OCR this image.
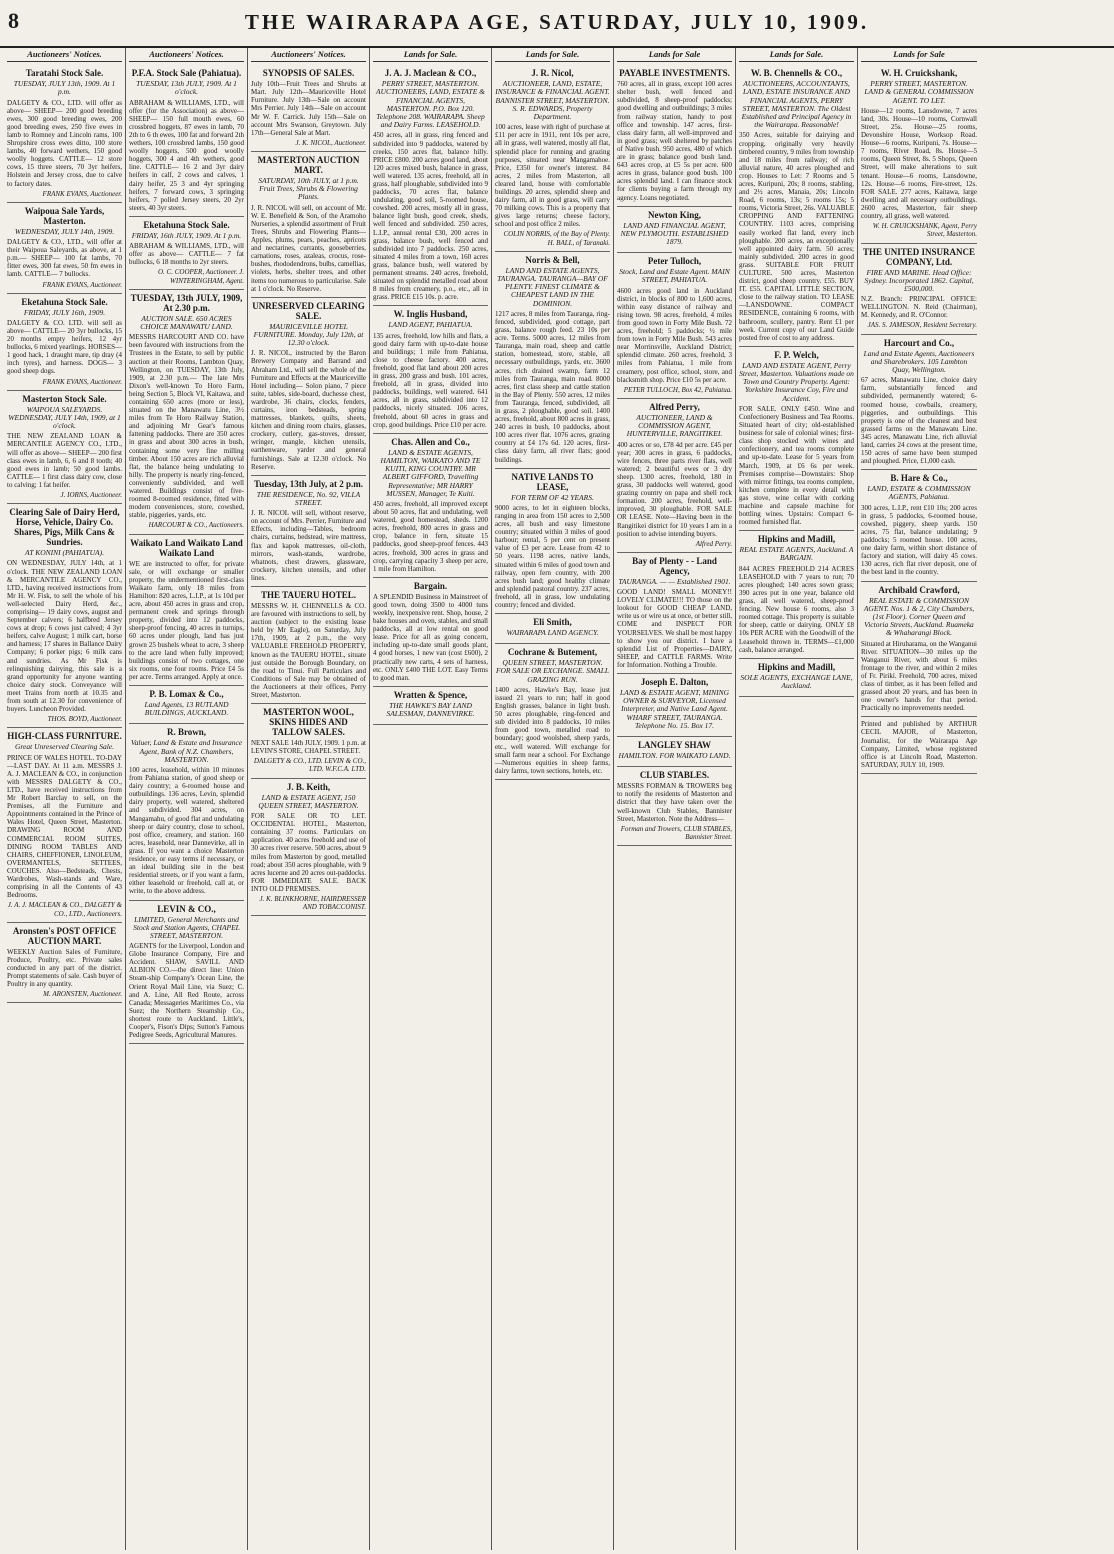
8	THE WAIRARAPA AGE, SATURDAY, JULY 10, 1909.
Auctioneers' Notices.
Taratahi Stock Sale.
TUESDAY, JULY 13th, 1909. At 1 p.m.
DALGETY & CO., LTD. will offer as above— SHEEP— 200 good breeding ewes, 300 good breeding ewes, 200 good breeding ewes, 250 five ewes in lamb to Romney and Lincoln rams, 100 Shropshire cross ewes ditto, 100 store lambs, 40 forward wethers, 150 good woolly hoggets. CATTLE— 12 store cows, 15 three steers, 70 3yr heifers, Holstein and Jersey cross, due to calve to factory dates.
FRANK EVANS, Auctioneer.
Waipoua Sale Yards, Masterton.
WEDNESDAY, JULY 14th, 1909.
DALGETY & CO., LTD., will offer at their Waipoua Saleyards, as above, at 1 p.m.— SHEEP— 100 fat lambs, 70 fitter ewes, 300 fat ewes, 50 fm ewes in lamb. CATTLE— 7 bullocks.
FRANK EVANS, Auctioneer.
Eketahuna Stock Sale.
FRIDAY, JULY 16th, 1909.
DALGETY & CO. LTD. will sell as above— CATTLE— 20 3yr bullocks, 15 20 months empty heifers, 12 4yr bullocks, 6 mixed yearlings. HORSES— 1 good hack, 1 draught mare, tip dray (4 inch tyres), and harness. DOGS— 3 good sheep dogs.
FRANK EVANS, Auctioneer.
Masterton Stock Sale.
WAIPOUA SALEYARDS. WEDNESDAY, JULY 14th, 1909, at 1 o'clock.
THE NEW ZEALAND LOAN & MERCANTILE AGENCY CO., LTD., will offer as above— SHEEP— 200 first class ewes in lamb, 6, 6 and 8 tooth; 40 good ewes in lamb; 50 good lambs. CATTLE— 1 first class dairy cow, close to calving; 1 fat heifer.
J. IORNS, Auctioneer.
Clearing Sale of Dairy Herd, Horse, Vehicle, Dairy Co. Shares, Pigs, Milk Cans & Sundries.
AT KONINI (PAHIATUA).
ON WEDNESDAY, JULY 14th, at 1 o'clock. THE NEW ZEALAND LOAN & MERCANTILE AGENCY CO., LTD., having received instructions from Mr H. W. Fisk, to sell the whole of his well-selected Dairy Herd, &c., comprising— 19 dairy cows, august and September calvers; 6 halfbred Jersey cows at drop; 6 cows just calved; 4 3yr heifers, calve August; 1 milk cart, horse and harness; 17 shares in Ballance Dairy Company; 6 porker pigs; 6 milk cans and sundries. As Mr Fisk is relinquishing dairying, this sale is a grand opportunity for anyone wanting choice dairy stock. Conveyance will meet Trains from north at 10.35 and from south at 12.30 for convenience of buyers. Luncheon Provided.
THOS. BOYD, Auctioneer.
HIGH-CLASS FURNITURE.
Great Unreserved Clearing Sale.
PRINCE OF WALES HOTEL. TO-DAY—LAST DAY. At 11 a.m. MESSRS J. A. J. MACLEAN & CO., in conjunction with MESSRS DALGETY & CO., LTD., have received instructions from Mr Robert Barclay to sell, on the Premises, all the Furniture and Appointments contained in the Prince of Wales Hotel, Queen Street, Masterton. DRAWING ROOM AND COMMERCIAL ROOM SUITES, DINING ROOM TABLES AND CHAIRS, CHEFFIONER, LINOLEUM, OVERMANTELS, SETTEES, COUCHES. Also—Bedsteads, Chests, Wardrobes, Wash-stands and Ware, comprising in all the Contents of 43 Bedrooms.
J. A. J. MACLEAN & CO., DALGETY & CO., LTD., Auctioneers.
Aronsten's POST OFFICE AUCTION MART.
WEEKLY Auction Sales of Furniture, Produce, Poultry, etc. Private sales conducted in any part of the district. Prompt statements of sale. Cash buyer of Poultry in any quantity.
M. ARONSTEN, Auctioneer.
Auctioneers' Notices.
P.F.A. Stock Sale (Pahiatua).
TUESDAY, 13th JULY, 1909. At 1 o'clock.
ABRAHAM & WILLIAMS, LTD., will offer (for the Association) as above— SHEEP— 150 full mouth ewes, 60 crossbred hoggets, 87 ewes in lamb, 70 2th to 6 th ewes, 100 fat and forward 2th wethers, 100 crossbred lambs, 150 good woolly hoggets, 500 good woolly hoggets, 300 4 and 4th wethers, good line. CATTLE— 16 2 and 3yr dairy heifers in calf, 2 cows and calves, 1 dairy heifer, 25 3 and 4yr springing heifers, 7 forward cows, 3 springing heifers, 7 polled Jersey steers, 20 2yr steers, 40 3yr steers.
Eketahuna Stock Sale.
FRIDAY, 16th JULY, 1909. At 1 p.m.
ABRAHAM & WILLIAMS, LTD., will offer as above— CATTLE— 7 fat bullocks, 6 18 months to 2yr steers.
O. C. COOPER, Auctioneer. J. WINTERINGHAM, Agent.
TUESDAY, 13th JULY, 1909, At 2.30 p.m.
AUCTION SALE. 650 ACRES CHOICE MANAWATU LAND.
MESSRS HARCOURT AND CO. have been favoured with instructions from the Trustees in the Estate, to sell by public auction at their Rooms, Lambton Quay, Wellington, on TUESDAY, 13th July, 1909, at 2.30 p.m.— The late Mrs Dixon's well-known To Horo Farm, being Section 5, Block VI, Kaitawa, and containing 650 acres (more or less), situated on the Manawatu Line, 3½ miles from Te Horo Railway Station, and adjoining Mr Gear's famous fattening paddocks. There are 350 acres in grass and about 300 acres in bush, containing some very fine milling timber. About 150 acres are rich alluvial flat, the balance being undulating to hilly. The property is nearly ring-fenced, conveniently subdivided, and well watered. Buildings consist of five-roomed 8-roomed residence, fitted with modern conveniences, store, cowshed, stable, piggeries, yards, etc.
HARCOURT & CO., Auctioneers.
Waikato Land Waikato Land Waikato Land
WE are instructed to offer, for private sale, or will exchange or smaller property, the undermentioned first-class Waikato farm, only 18 miles from Hamilton: 820 acres, L.I.P., at 1s 10d per acre, about 450 acres in grass and crop, permanent creek and springs through property, divided into 12 paddocks, sheep-proof fencing, 40 acres in turnips, 60 acres under plough, land has just grown 25 bushels wheat to acre, 3 sheep to the acre land when fully improved; buildings consist of two cottages, one six rooms, one four rooms. Price £4 5s per acre. Terms arranged. Apply at once.
P. B. Lomax & Co.,
Land Agents, 13 RUTLAND BUILDINGS, AUCKLAND.
R. Brown,
Valuer, Land & Estate and Insurance Agent, Bank of N.Z. Chambers, MASTERTON.
100 acres, leasehold, within 10 minutes from Pahiatua station, of good sheep or dairy country; a 6-roomed house and outbuildings. 136 acres, Levin, splendid dairy property, well watered, sheltered and subdivided. 304 acres, on Mangamahu, of good flat and undulating sheep or dairy country, close to school, post office, creamery, and station. 160 acres, leasehold, near Dannevirke, all in grass. If you want a choice Masterton residence, or easy terms if necessary, or an ideal building site in the best residential streets, or if you want a farm, either leasehold or freehold, call at, or write, to the above address.
LEVIN & CO.,
LIMITED, General Merchants and Stock and Station Agents, CHAPEL STREET, MASTERTON.
AGENTS for the Liverpool, London and Globe Insurance Company, Fire and Accident. SHAW, SAVILL AND ALBION CO.—the direct line: Union Steam-ship Company's Ocean Line, the Orient Royal Mail Line, via Suez; C. and A. Line, All Red Route, across Canada; Messageries Maritimes Co., via Suez; the Northern Steamship Co., shortest route to Auckland. Little's, Cooper's, Fison's Dips; Sutton's Famous Pedigree Seeds, Agricultural Manures.
Auctioneers' Notices.
SYNOPSIS OF SALES.
July 10th—Fruit Trees and Shrubs at Mart. July 12th—Mauriceville Hotel Furniture. July 13th—Sale on account Mrs Perrier. July 14th—Sale on account Mr W. F. Carrick. July 15th—Sale on account Mrs Swanson, Greytown. July 17th—General Sale at Mart.
J. K. NICOL, Auctioneer.
MASTERTON AUCTION MART.
SATURDAY, 10th JULY, at 1 p.m. Fruit Trees, Shrubs & Flowering Plants.
J. R. NICOL will sell, on account of Mr. W. E. Benefield & Son, of the Aramoho Nurseries, a splendid assortment of Fruit Trees, Shrubs and Flowering Plants—Apples, plums, pears, peaches, apricots and nectarines, currants, gooseberries, carnations, roses, azaleas, crocus, rose-bushes, rhododendrons, bulbs, camellias, violets, herbs, shelter trees, and other items too numerous to particularise. Sale at 1 o'clock. No Reserve.
UNRESERVED CLEARING SALE.
MAURICEVILLE HOTEL FURNITURE. Monday, July 12th, at 12.30 o'clock.
J. R. NICOL, instructed by the Baron Brewery Company and Barrand and Abraham Ltd., will sell the whole of the Furniture and Effects at the Mauriceville Hotel including— Solon piano, 7 piece suite, tables, side-board, duchesse chest, wardrobe, 36 chairs, clocks, fenders, curtains, iron bedsteads, spring mattresses, blankets, quilts, sheets, kitchen and dining room chairs, glasses, crockery, cutlery, gas-stoves, dresser, wringer, mangle, kitchen utensils, earthenware, yarder and general furnishings. Sale at 12.30 o'clock. No Reserve.
Tuesday, 13th July, at 2 p.m.
THE RESIDENCE, No. 92, VILLA STREET.
J. R. NICOL will sell, without reserve, on account of Mrs. Perrier, Furniture and Effects, including—Tables, bedroom chairs, curtains, bedstead, wire mattress, flax and kapok mattresses, oil-cloth, mirrors, wash-stands, wardrobe, whatnots, chest drawers, glassware, crockery, kitchen utensils, and other lines.
THE TAUERU HOTEL.
MESSRS W. H. CHENNELLS & CO. are favoured with instructions to sell, by auction (subject to the existing lease held by Mr Eagle), on Saturday, July 17th, 1909, at 2 p.m., the very VALUABLE FREEHOLD PROPERTY, known as the TAUERU HOTEL, situate just outside the Borough Boundary, on the road to Tinui. Full Particulars and Conditions of Sale may be obtained of the Auctioneers at their offices, Perry Street, Masterton.
MASTERTON WOOL, SKINS HIDES AND TALLOW SALES.
NEXT SALE 14th JULY, 1909. 1 p.m. at LEVIN'S STORE, CHAPEL STREET.
DALGETY & CO., LTD. LEVIN & CO., LTD. W.F.C.A. LTD.
J. B. Keith,
LAND & ESTATE AGENT, 150 QUEEN STREET, MASTERTON.
FOR SALE OR TO LET. OCCIDENTAL HOTEL, Masterton, containing 37 rooms. Particulars on application. 40 acres freehold and use of 30 acres river reserve. 500 acres, about 9 miles from Masterton by good, metalled road; about 350 acres ploughable, with 9 acres lucerne and 20 acres out-paddocks. FOR IMMEDIATE SALE. BACK INTO OLD PREMISES.
J. K. BLINKHORNE, HAIRDRESSER AND TOBACCONIST.
Lands for Sale.
J. A. J. Maclean & CO.,
PERRY STREET, MASTERTON. AUCTIONEERS, LAND, ESTATE & FINANCIAL AGENTS, MASTERTON. P.O. Box 120. Telephone 208. WAIRARAPA. Sheep and Dairy Farms. LEASEHOLD.
450 acres, all in grass, ring fenced and subdivided into 9 paddocks, watered by creeks, 150 acres flat, balance hilly. PRICE £800. 200 acres good land, about 120 acres mixed bush, balance in grass, well watered. 135 acres, freehold, all in grass, half ploughable, subdivided into 9 paddocks, 70 acres flat, balance undulating, good soil, 5-roomed house, cowshed. 200 acres, mostly all in grass, balance light bush, good creek, sheds, well fenced and subdivided. 250 acres, L.I.P., annual rental £30, 200 acres in grass, balance bush, well fenced and subdivided into 7 paddocks. 250 acres, situated 4 miles from a town, 160 acres grass, balance bush, well watered by permanent streams. 240 acres, freehold, situated on splendid metalled road about 8 miles from creamery, p.o., etc., all in grass. PRICE £15 10s. p. acre.
W. Inglis Husband,
LAND AGENT, PAHIATUA.
135 acres, freehold, low hills and flats, a good dairy farm with up-to-date house and buildings; 1 mile from Pahiatua, close to cheese factory. 400 acres, freehold, good flat land about 200 acres in grass, 200 grass and bush. 101 acres, freehold, all in grass, divided into paddocks, buildings, well watered. 641 acres, all in grass, subdivided into 12 paddocks, nicely situated. 106 acres, freehold, about 60 acres in grass and crop, good buildings. Price £10 per acre.
Chas. Allen and Co.,
LAND & ESTATE AGENTS, HAMILTON, WAIKATO AND TE KUITI, KING COUNTRY. MR ALBERT GIFFORD, Travelling Representative; MR HARRY MUSSEN, Manager, Te Kuiti.
450 acres, freehold, all improved except about 50 acres, flat and undulating, well watered, good homestead, sheds. 1200 acres, freehold, 800 acres in grass and crop, balance in fern, situate 15 paddocks, good sheep-proof fences. 443 acres, freehold, 300 acres in grass and crop, carrying capacity 3 sheep per acre, 1 mile from Hamilton.
Bargain.
A SPLENDID Business in Mainstreet of good town, doing 3500 to 4000 tuns weekly, inexpensive rent. Shop, house, 2 bake houses and oven, stables, and small paddocks, all at low rental on good lease. Price for all as going concern, including up-to-date small goods plant, 4 good horses, 1 new van (cost £600), 2 practically new carts, 4 sets of harness, etc. ONLY £400 THE LOT. Easy Terms to good man.
Wratten & Spence,
THE HAWKE'S BAY LAND SALESMAN, DANNEVIRKE.
Lands for Sale.
J. R. Nicol,
AUCTIONEER, LAND, ESTATE, INSURANCE & FINANCIAL AGENT. BANNISTER STREET, MASTERTON. S. R. EDWARDS, Property Department.
100 acres, lease with right of purchase at £11 per acre in 1911, rent 10s per acre, all in grass, well watered, mostly all flat, splendid place for running and grazing purposes, situated near Mangamahoe. Price, £350 for owner's interest. 84 acres, 2 miles from Masterton, all cleared land, house with comfortable buildings. 20 acres, splendid sheep and dairy farm, all in good grass, will carry 70 milking cows. This is a property that gives large returns; cheese factory, school and post office 2 miles.
COLIN NORRIS, of the Bay of Plenty. H. BALL, of Taranaki.
Norris & Bell,
LAND AND ESTATE AGENTS, TAURANGA. TAURANGA—BAY OF PLENTY. FINEST CLIMATE & CHEAPEST LAND IN THE DOMINION.
1217 acres, 8 miles from Tauranga, ring-fenced, subdivided, good cottage, part grass, balance rough feed. 23 10s per acre. Terms. 5000 acres, 12 miles from Tauranga, main road, sheep and cattle station, homestead, store, stable, all necessary outbuildings, yards, etc. 3600 acres, rich drained swamp, farm 12 miles from Tauranga, main road. 8000 acres, first class sheep and cattle station in the Bay of Plenty. 550 acres, 12 miles from Tauranga, fenced, subdivided, all in grass, 2 ploughable, good soil. 1400 acres, freehold, about 800 acres in grass, 240 acres in bush, 10 paddocks, about 100 acres river flat. 1076 acres, grazing country at £4 17s 6d. 120 acres, first-class dairy farm, all river flats; good buildings.
NATIVE LANDS TO LEASE,
FOR TERM OF 42 YEARS.
9000 acres, to let in eighteen blocks, ranging in area from 150 acres to 2,500 acres, all bush and easy limestone country; situated within 3 miles of good harbour; rental, 5 per cent on present value of £3 per acre. Lease from 42 to 50 years. 1198 acres, native lands, situated within 6 miles of good town and railway, open fern country, with 200 acres bush land; good healthy climate and splendid pastoral country. 237 acres, freehold, all in grass, low undulating country; fenced and divided.
Eli Smith,
WAIRARAPA LAND AGENCY.
Cochrane & Butement,
QUEEN STREET, MASTERTON. FOR SALE OR EXCHANGE. SMALL GRAZING RUN.
1400 acres, Hawke's Bay, lease just issued 21 years to run; half in good English grasses, balance in light bush. 50 acres ploughable, ring-fenced and sub divided into 8 paddocks, 10 miles from good town, metalled road to boundary; good woolshed, sheep yards, etc., well watered. Will exchange for small farm near a school. For Exchange—Numerous equities in sheep farms, dairy farms, town sections, hotels, etc.
Lands for Sale
PAYABLE INVESTMENTS.
760 acres, all in grass, except 100 acres shelter bush, well fenced and subdivided, 8 sheep-proof paddocks; good dwelling and outbuildings; 3 miles from railway station, handy to post office and township. 147 acres, first-class dairy farm, all well-improved and in good grass; well sheltered by patches of Native bush. 950 acres, 480 of which are in grass; balance good bush land. 643 acres crop, at £5 5s per acre. 600 acres in grass, balance good bush. 100 acres splendid land. I can finance stock for clients buying a farm through my agency. Loans negotiated.
Newton King,
LAND AND FINANCIAL AGENT, NEW PLYMOUTH. ESTABLISHED 1879.
Peter Tulloch,
Stock, Land and Estate Agent. MAIN STREET, PAHIATUA.
4600 acres good land in Auckland district, in blocks of 800 to 1,600 acres, within easy distance of railway and rising town. 98 acres, freehold, 4 miles from good town in Forty Mile Bush. 72 acres, freehold; 5 paddocks; ½ mile from town in Forty Mile Bush. 543 acres near Morrinsville, Auckland District; splendid climate. 260 acres, freehold, 3 miles from Pahiatua, 1 mile from creamery, post office, school, store, and blacksmith shop. Price £10 5s per acre.
PETER TULLOCH, Box 42, Pahiatua.
Alfred Perry,
AUCTIONEER, LAND & COMMISSION AGENT, HUNTERVILLE, RANGITIKEI.
400 acres or so, £78 4d per acre. £45 per year; 300 acres in grass, 6 paddocks, wire fences, three parts river flats, well watered; 2 beautiful ewes or 3 dry sheep. 1300 acres, freehold, 180 in grass, 30 paddocks well watered, good grazing country on papa and shell rock formation. 200 acres, freehold, well-improved, 30 ploughable. FOR SALE OR LEASE. Note—Having been in the Rangitikei district for 10 years I am in a position to advise intending buyers.
Alfred Perry.
Bay of Plenty - - Land Agency,
TAURANGA. — — Established 1901.
GOOD LAND! SMALL MONEY!! LOVELY CLIMATE!!! TO those on the lookout for GOOD CHEAP LAND, write us or wire us at once, or better still, COME and INSPECT FOR YOURSELVES. We shall be most happy to show you our district. I have a splendid List of Properties—DAIRY, SHEEP, and CATTLE FARMS. Write for Information. Nothing a Trouble.
Joseph E. Dalton,
LAND & ESTATE AGENT, MINING OWNER & SURVEYOR, Licensed Interpreter, and Native Land Agent. WHARF STREET, TAURANGA. Telephone No. 15. Box 17.
LANGLEY SHAW
HAMILTON. FOR WAIKATO LAND.
CLUB STABLES.
MESSRS FORMAN & TROWERS beg to notify the residents of Masterton and district that they have taken over the well-known Club Stables, Bannister Street, Masterton. Note the Address—
Forman and Trowers, CLUB STABLES, Bannister Street.
Lands for Sale.
W. B. Chennells & CO.,
AUCTIONEERS, ACCOUNTANTS, LAND, ESTATE INSURANCE AND FINANCIAL AGENTS, PERRY STREET, MASTERTON. The Oldest Established and Principal Agency in the Wairarapa. Reasonable!
350 Acres, suitable for dairying and cropping, originally very heavily timbered country, 9 miles from township and 18 miles from railway; of rich alluvial nature, 40 acres ploughed and crop. Houses to Let: 7 Rooms and 5 acres, Kuripuni, 20s; 8 rooms, stabling, and 2½ acres, Manaia, 20s; Lincoln Road, 6 rooms, 13s; 5 rooms 15s; 5 rooms, Victoria Street, 26s. VALUABLE CROPPING AND FATTENING COUNTRY. 1103 acres, comprising easily worked flat land, every inch ploughable. 200 acres, an exceptionally well appointed dairy farm. 50 acres; mainly subdivided. 200 acres in good grass. SUITABLE FOR FRUIT CULTURE. 500 acres, Masterton district, good sheep country. £55. BUY IT. £55. CAPITAL LITTLE SECTION, close to the railway station. TO LEASE—LANSDOWNE. COMPACT RESIDENCE, containing 6 rooms, with bathroom, scullery, pantry. Rent £1 per week. Current copy of our Land Guide posted free of cost to any address.
F. P. Welch,
LAND AND ESTATE AGENT, Perry Street, Masterton. Valuations made on Town and Country Property. Agent: Yorkshire Insurance Coy, Fire and Accident.
FOR SALE. ONLY £450. Wine and Confectionery Business and Tea Rooms. Situated heart of city; old-established business for sale of colonial wines; first-class shop stocked with wines and confectionery, and tea rooms complete and up-to-date. Lease for 5 years from March, 1909, at £6 6s per week. Premises comprise—Downstairs: Shop with mirror fittings, tea rooms complete, kitchen complete in every detail with gas stove, wine cellar with corking machine and capsule machine for bottling wines. Upstairs: Compact 6-roomed furnished flat.
Hipkins and Madill,
REAL ESTATE AGENTS, Auckland. A BARGAIN.
844 ACRES FREEHOLD 214 ACRES LEASEHOLD with 7 years to run; 70 acres ploughed; 140 acres sown grass; 390 acres put in one year, balance old grass, all well watered, sheep-proof fencing. New house 6 rooms, also 3 roomed cottage. This property is suitable for sheep, cattle or dairying. ONLY £8 10s PER ACRE with the Goodwill of the Leasehold thrown in. TERMS—£1,000 cash, balance arranged.
Hipkins and Madill,
SOLE AGENTS, EXCHANGE LANE, Auckland.
Lands for Sale
W. H. Cruickshank,
PERRY STREET, MASTERTON. LAND & GENERAL COMMISSION AGENT. TO LET.
House—12 rooms, Lansdowne, 7 acres land, 30s. House—10 rooms, Cornwall Street, 25s. House—25 rooms, Devonshire House, Worksop Road. House—6 rooms, Kuripuni, 7s. House—7 rooms, River Road, 8s. House—5 rooms, Queen Street, 8s. 5 Shops, Queen Street, will make alterations to suit tenant. House—6 rooms, Lansdowne, 12s. House—6 rooms, Fire-street, 12s. FOR SALE. 277 acres, Kaitawa, large dwelling and all necessary outbuildings. 2600 acres, Masterton, fair sheep country, all grass, well watered.
W. H. CRUICKSHANK, Agent, Perry Street, Masterton.
THE UNITED INSURANCE COMPANY, Ltd.
FIRE AND MARINE. Head Office: Sydney. Incorporated 1862. Capital, £500,000.
N.Z. Branch: PRINCIPAL OFFICE: WELLINGTON. N. Reid (Chairman), M. Kennedy, and R. O'Connor.
JAS. S. JAMESON, Resident Secretary.
Harcourt and Co.,
Land and Estate Agents, Auctioneers and Sharebrokers. 105 Lambton Quay, Wellington.
67 acres, Manawatu Line, choice dairy farm, substantially fenced and subdivided, permanently watered; 6-roomed house, cowbails, creamery, piggeries, and outbuildings. This property is one of the cleanest and best grassed farms on the Manawatu Line. 345 acres, Manawatu Line, rich alluvial land, carries 24 cows at the present time, 150 acres of same have been stumped and ploughed. Price, £1,000 cash.
B. Hare & Co.,
LAND, ESTATE & COMMISSION AGENTS, Pahiatua.
300 acres, L.I.P., rent £10 10s; 200 acres in grass, 5 paddocks, 6-roomed house, cowshed, piggery, sheep yards. 150 acres, 75 flat, balance undulating; 9 paddocks; 5 roomed house. 100 acres, one dairy farm, within short distance of factory and station, will dairy 45 cows. 130 acres, rich flat river deposit, one of the best land in the country.
Archibald Crawford,
REAL ESTATE & COMMISSION AGENT. Nos. 1 & 2, City Chambers, (1st Floor). Corner Queen and Victoria Streets, Auckland. Ruameka & Whaharangi Block.
Situated at Hiruharama, on the Wanganui River. SITUATION—30 miles up the Wanganui River, with about 6 miles frontage to the river, and within 2 miles of Fr. Pirikí. Freehold, 700 acres, mixed class of timber, as it has been felled and grassed about 20 years, and has been in one owner's hands for that period. Practically no improvements needed.
Printed and published by ARTHUR CECIL MAJOR, of Masterton, Journalist, for the Wairarapa Age Company, Limited, whose registered office is at Lincoln Road, Masterton. SATURDAY, JULY 10, 1909.
